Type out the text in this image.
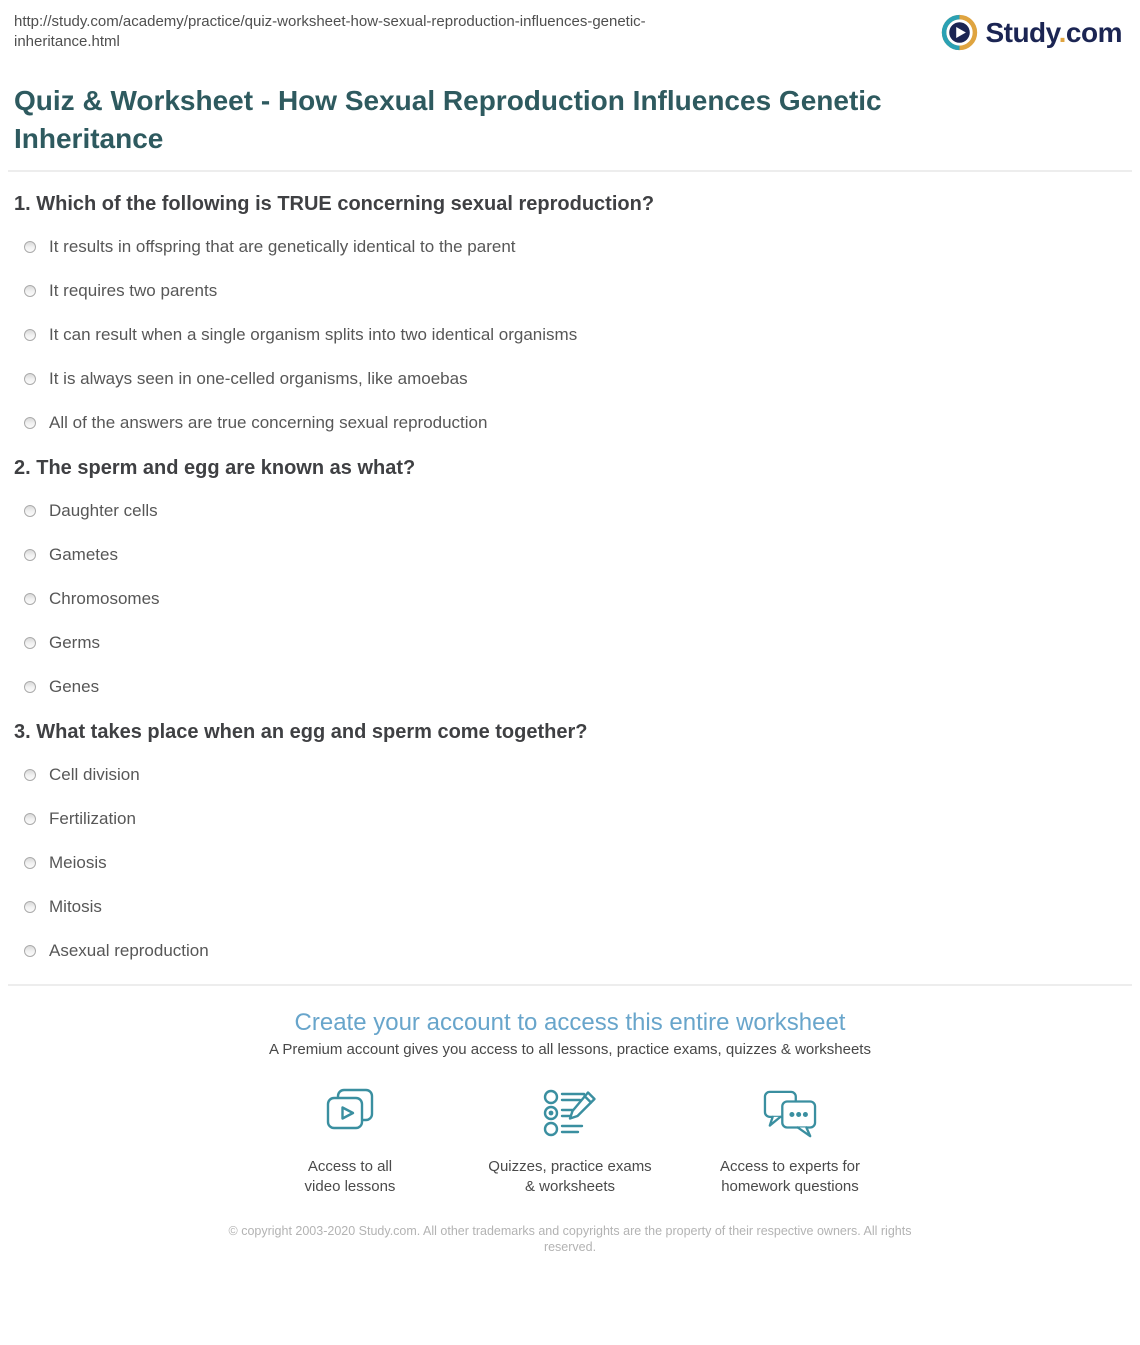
http://study.com/academy/practice/quiz-worksheet-how-sexual-reproduction-influences-genetic-inheritance.html	Study.com
Quiz & Worksheet - How Sexual Reproduction Influences Genetic Inheritance
1. Which of the following is TRUE concerning sexual reproduction?
It results in offspring that are genetically identical to the parent
It requires two parents
It can result when a single organism splits into two identical organisms
It is always seen in one-celled organisms, like amoebas
All of the answers are true concerning sexual reproduction
2. The sperm and egg are known as what?
Daughter cells
Gametes
Chromosomes
Germs
Genes
3. What takes place when an egg and sperm come together?
Cell division
Fertilization
Meiosis
Mitosis
Asexual reproduction
Create your account to access this entire worksheet
A Premium account gives you access to all lessons, practice exams, quizzes & worksheets
Access to all
video lessons
Quizzes, practice exams
& worksheets
Access to experts for
homework questions
© copyright 2003-2020 Study.com. All other trademarks and copyrights are the property of their respective owners. All rights reserved.
